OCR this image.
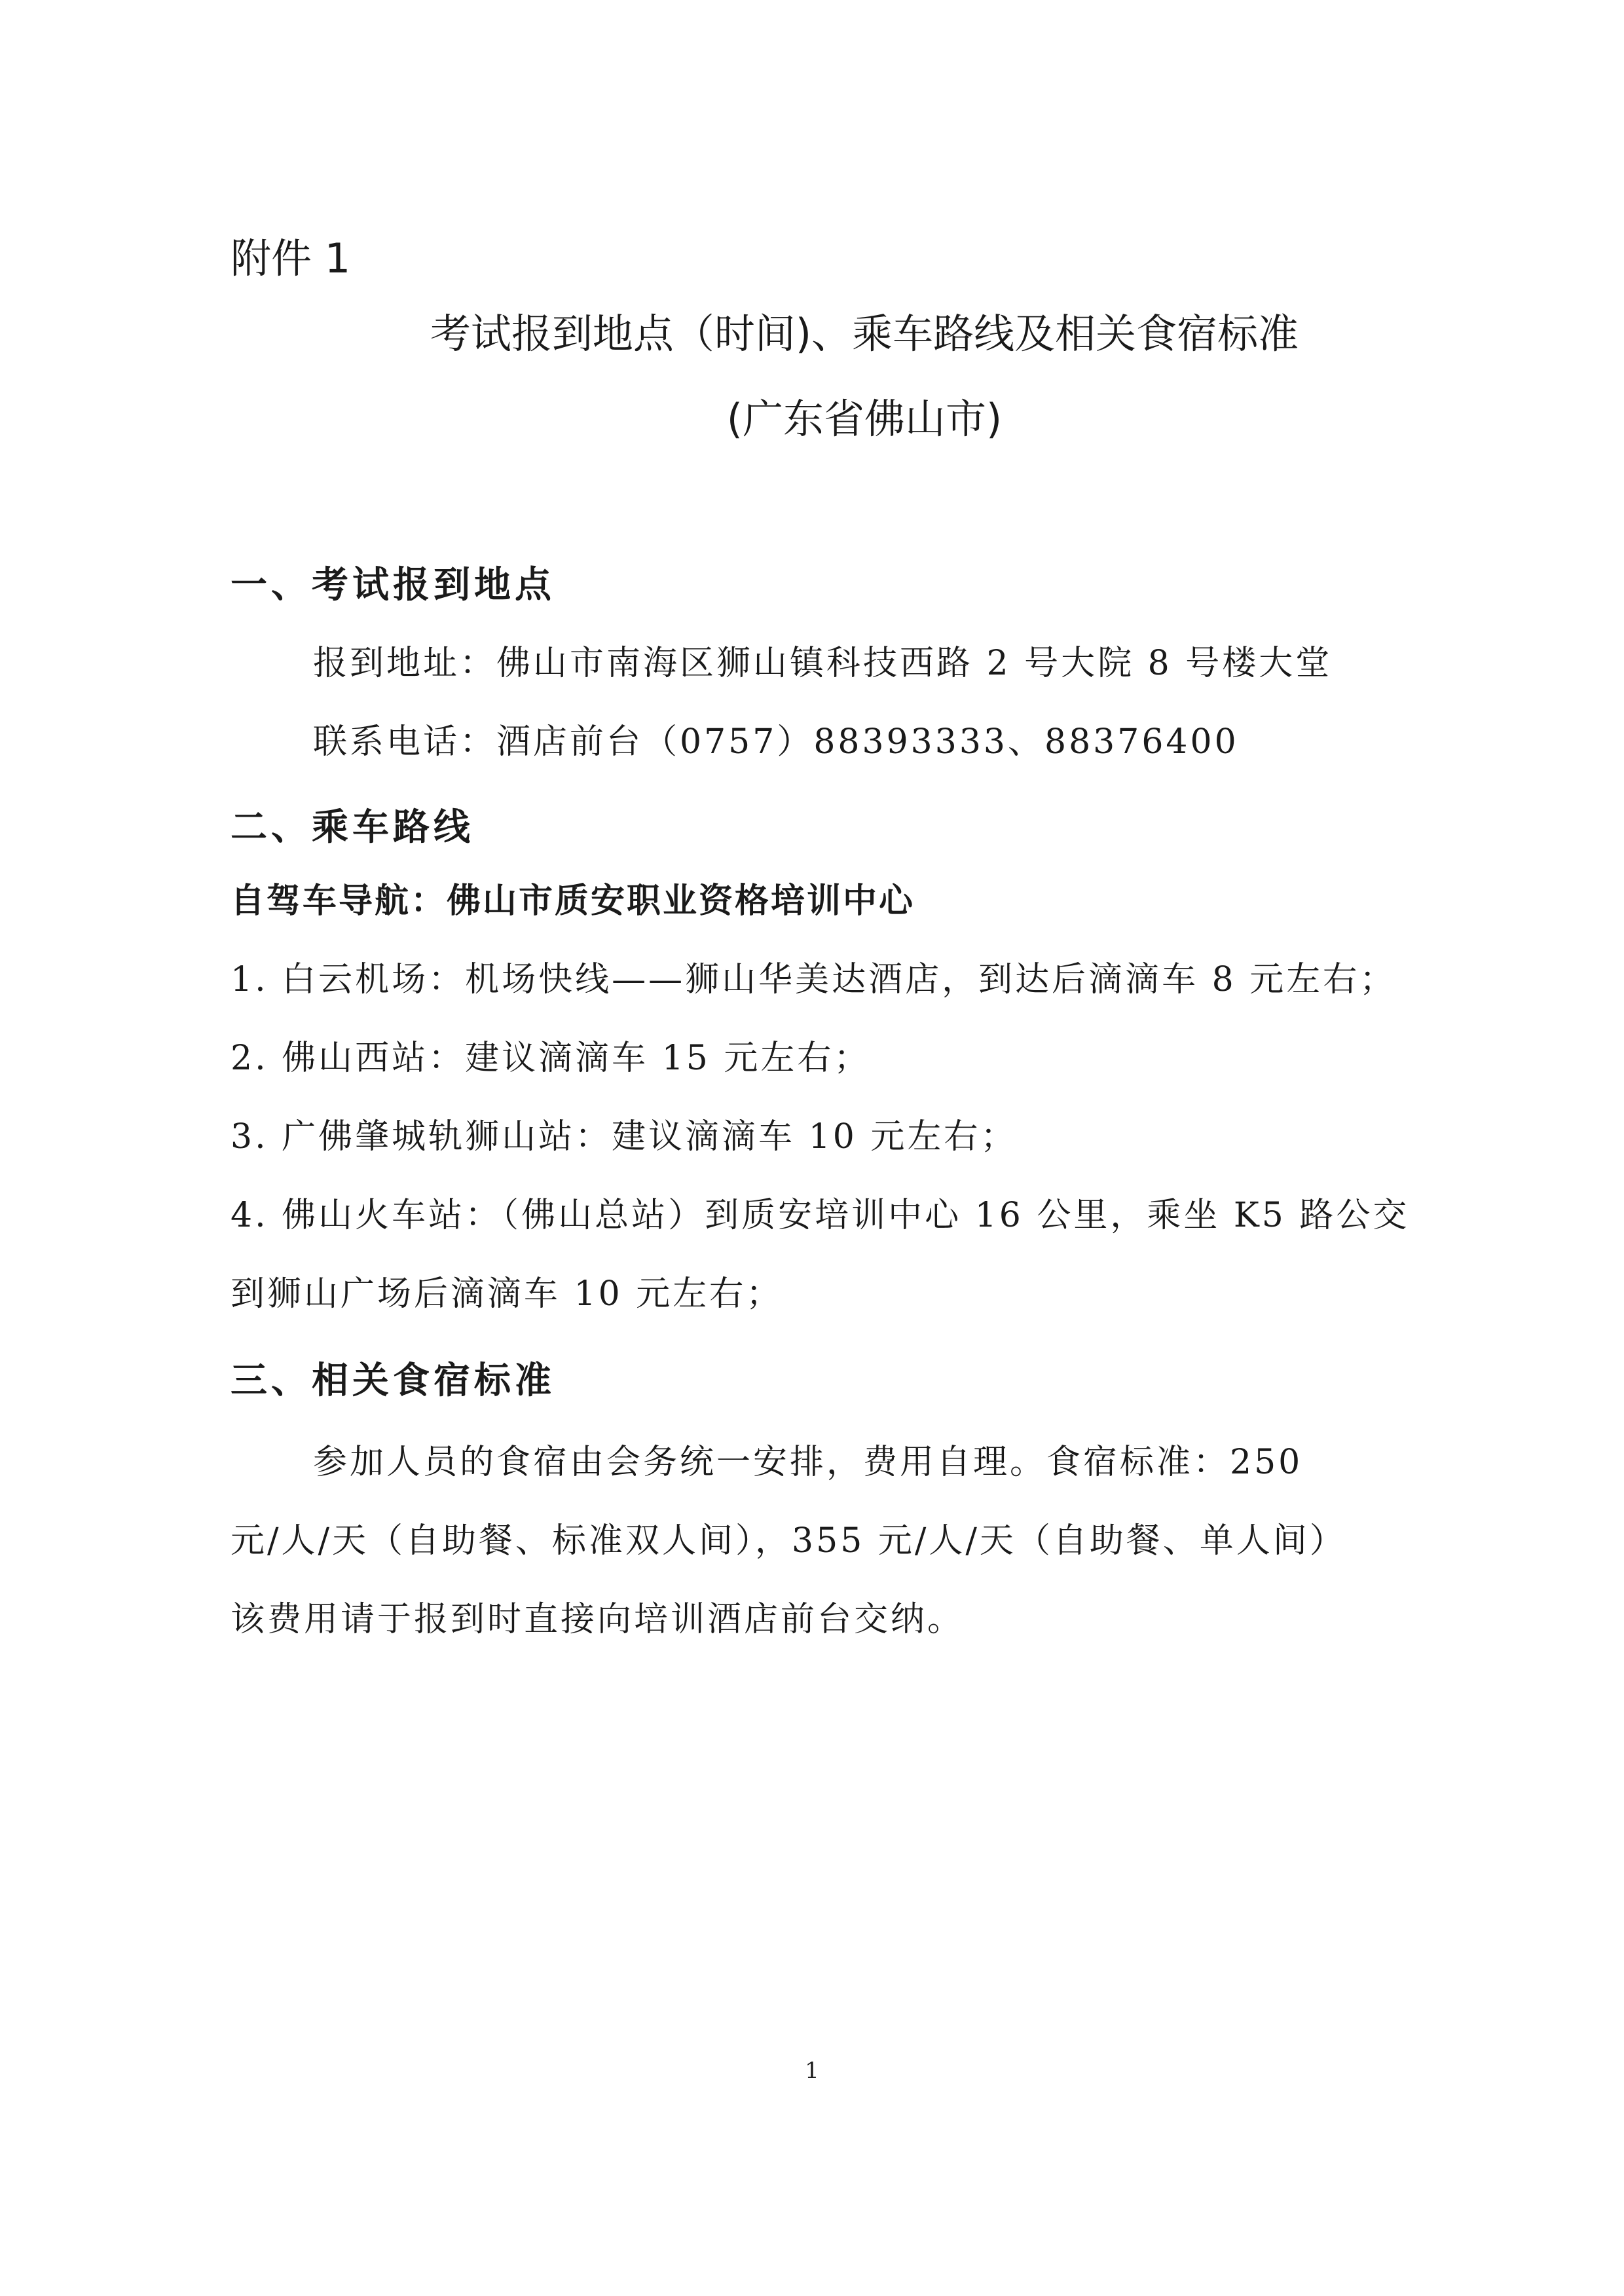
附件 1
考试报到地点（时间)、乘车路线及相关食宿标准
(广东省佛山市)
一、考试报到地点
报到地址：佛山市南海区狮山镇科技西路 2 号大院 8 号楼大堂
联系电话：酒店前台（0757）88393333、88376400
二、乘车路线
自驾车导航：佛山市质安职业资格培训中心
1. 白云机场：机场快线——狮山华美达酒店，到达后滴滴车 8 元左右；
2. 佛山西站：建议滴滴车 15 元左右；
3. 广佛肇城轨狮山站：建议滴滴车 10 元左右；
4. 佛山火车站：（佛山总站）到质安培训中心 16 公里，乘坐 K5 路公交
到狮山广场后滴滴车 10 元左右；
三、相关食宿标准
参加人员的食宿由会务统一安排，费用自理。食宿标准：250
元/人/天（自助餐、标准双人间），355 元/人/天（自助餐、单人间）
该费用请于报到时直接向培训酒店前台交纳。
1
